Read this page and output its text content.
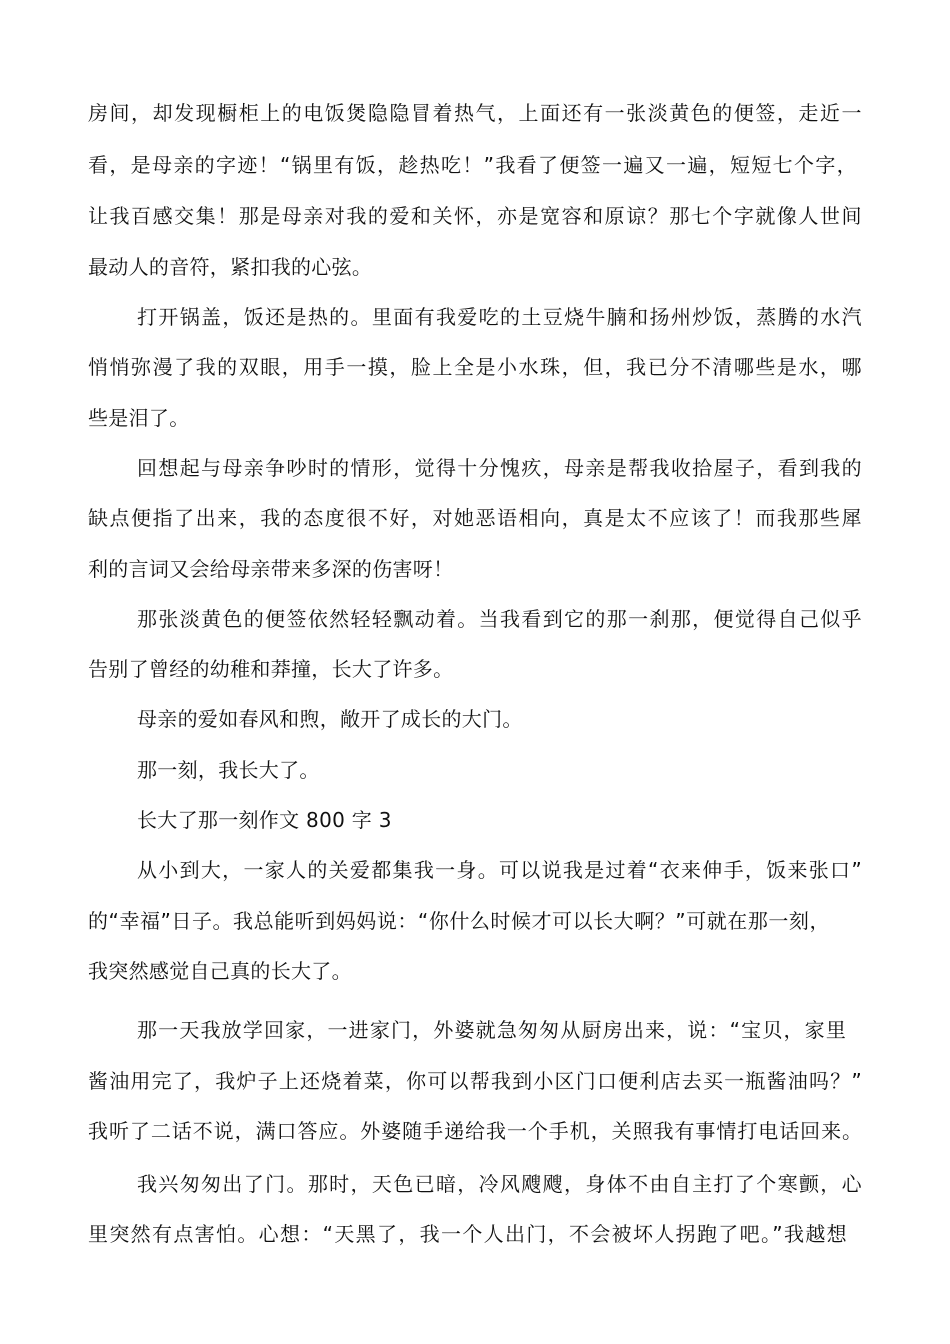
房间，却发现橱柜上的电饭煲隐隐冒着热气，上面还有一张淡黄色的便签，走近一
看，是母亲的字迹！“锅里有饭，趁热吃！”我看了便签一遍又一遍，短短七个字，
让我百感交集！那是母亲对我的爱和关怀，亦是宽容和原谅？那七个字就像人世间
最动人的音符，紧扣我的心弦。
打开锅盖，饭还是热的。里面有我爱吃的土豆烧牛腩和扬州炒饭，蒸腾的水汽
悄悄弥漫了我的双眼，用手一摸，脸上全是小水珠，但，我已分不清哪些是水，哪
些是泪了。
回想起与母亲争吵时的情形，觉得十分愧疚，母亲是帮我收拾屋子，看到我的
缺点便指了出来，我的态度很不好，对她恶语相向，真是太不应该了！而我那些犀
利的言词又会给母亲带来多深的伤害呀！
那张淡黄色的便签依然轻轻飘动着。当我看到它的那一刹那，便觉得自己似乎
告别了曾经的幼稚和莽撞，长大了许多。
母亲的爱如春风和煦，敞开了成长的大门。
那一刻，我长大了。
长大了那一刻作文 800 字 3
从小到大，一家人的关爱都集我一身。可以说我是过着“衣来伸手，饭来张口”
的“幸福”日子。我总能听到妈妈说：“你什么时候才可以长大啊？”可就在那一刻，
我突然感觉自己真的长大了。
那一天我放学回家，一进家门，外婆就急匆匆从厨房出来，说：“宝贝，家里
酱油用完了，我炉子上还烧着菜，你可以帮我到小区门口便利店去买一瓶酱油吗？”
我听了二话不说，满口答应。外婆随手递给我一个手机，关照我有事情打电话回来。
我兴匆匆出了门。那时，天色已暗，冷风飕飕，身体不由自主打了个寒颤，心
里突然有点害怕。心想：“天黑了，我一个人出门，不会被坏人拐跑了吧。”我越想
